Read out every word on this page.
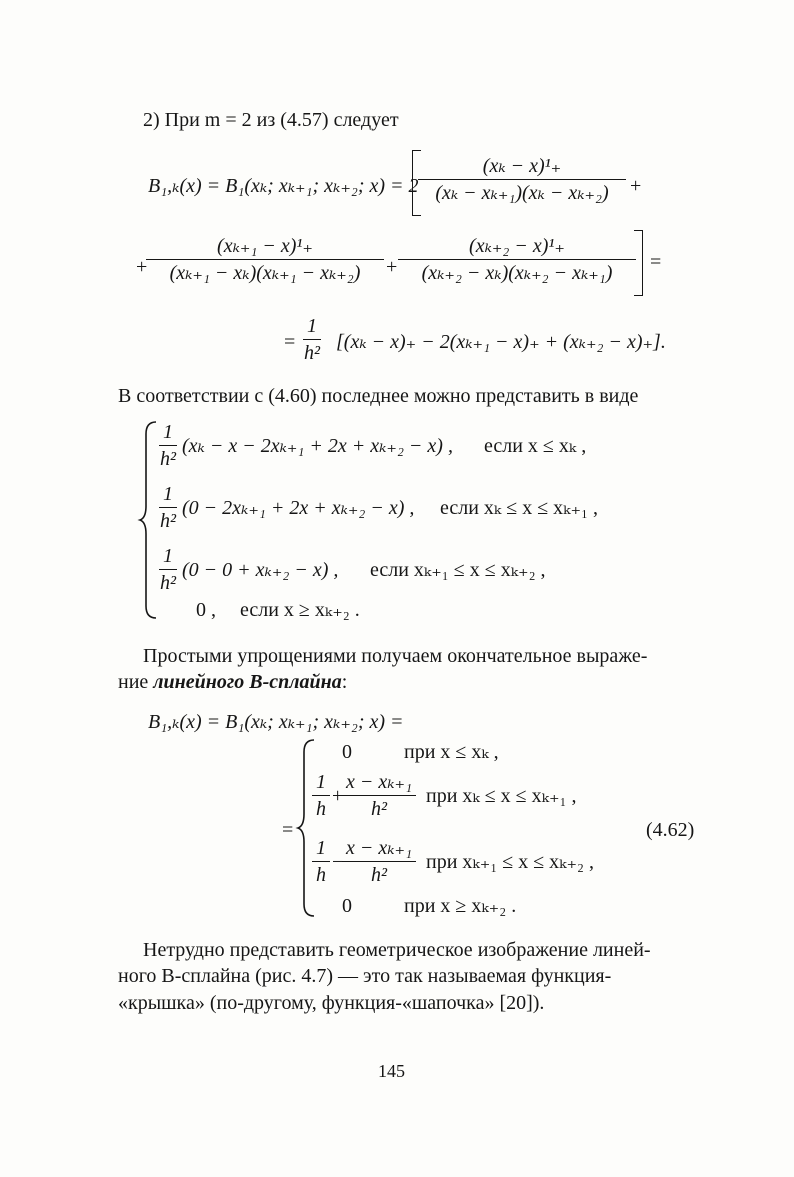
2) При m = 2 из (4.57) следует
B₁,ₖ(x) = B₁(xₖ; xₖ₊₁; xₖ₊₂; $x) = 2 \frac{\text{(xₖ − x)¹₊}}{\text{(xₖ − xₖ₊₁)(xₖ − xₖ₊₂)}}$ +
+ $\frac{\text{(xₖ₊₁ − x)¹₊}}{\text{(xₖ₊₁ − xₖ)(xₖ₊₁ − xₖ₊₂)}} + \frac{\text{(xₖ₊₂ − x)¹₊}}{\text{(xₖ₊₂ − xₖ)(xₖ₊₂ − xₖ₊₁)}}$ =
= $\frac{1}{\text{h²}} [(x_k - x)_+ - 2(x_{k+1} - x)_+ + (x_{k+2} - x)_+]$.
В соответствии с (4.60) последнее можно представить в виде
$\frac{1}{\text{h²}} (x_k - x - 2x_{k+1} + 2x + x_{k+2} - x)$ , если x ≤ xₖ ,
$\frac{1}{\text{h²}} (0 - 2x_{k+1} + 2x + x_{k+2} - x)$ , если xₖ ≤ x ≤ xₖ₊₁ ,
$\frac{1}{\text{h²}} (0 - 0 + x_{k+2} - x)$ , если xₖ₊₁ ≤ x ≤ xₖ₊₂ ,
0 , если x ≥ xₖ₊₂ .
Простыми упрощениями получаем окончательное выраже-
ние линейного B-сплайна:
B₁,ₖ(x) = B₁(xₖ; xₖ₊₁; xₖ₊₂; x) =
=
0	при x ≤ xₖ ,
$\frac{1}{h}$ +
$\frac{\text{x − xₖ₊₁}}{\text{h²}}$ при xₖ ≤ x ≤ xₖ₊₁ ,
$\frac{1}{h}$ −
$\frac{\text{x − xₖ₊₁}}{\text{h²}}$ при xₖ₊₁ ≤ x ≤ xₖ₊₂ ,
0	при x ≥ xₖ₊₂ .
(4.62)
Нетрудно представить геометрическое изображение линей-
ного B-сплайна (рис. 4.7) — это так называемая функция-
«крышка» (по-другому, функция-«шапочка» [20]).
145
